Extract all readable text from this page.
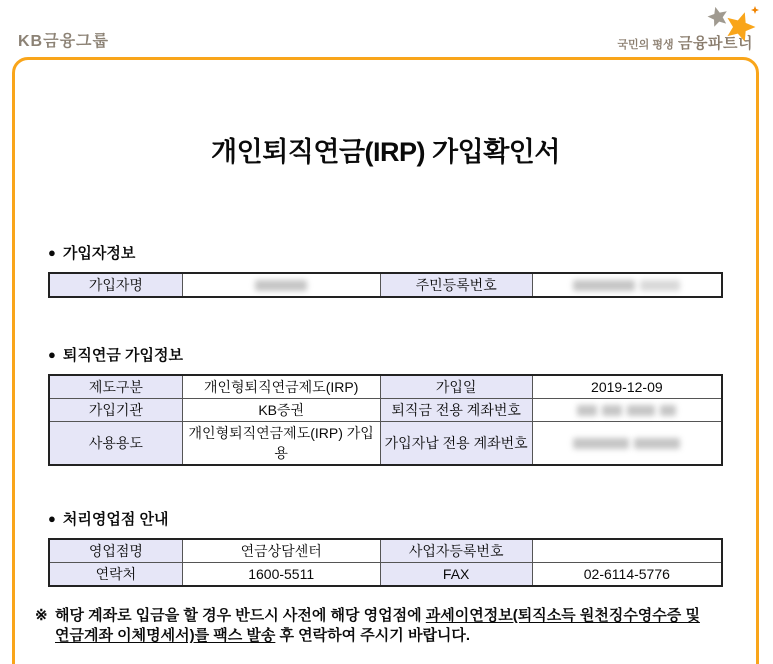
KB금융그룹	국민의 평생 금융파트너
개인퇴직연금(IRP) 가입확인서
● 가입자정보
가입자명		주민등록번호	
● 퇴직연금 가입정보
제도구분	개인형퇴직연금제도(IRP)	가입일	2019-12-09
가입기관	KB증권	퇴직금 전용 계좌번호	

사용용도	개인형퇴직연금제도(IRP) 가입용	가입자납 전용 계좌번호	
● 처리영업점 안내
영업점명	연금상담센터	사업자등록번호	
연락처	1600-5511	FAX	02-6114-5776
※ 해당 계좌로 입금을 할 경우 반드시 사전에 해당 영업점에 과세이연정보(퇴직소득 원천징수영수증 및
연금계좌 이체명세서)를 팩스 발송 후 연락하여 주시기 바랍니다.
